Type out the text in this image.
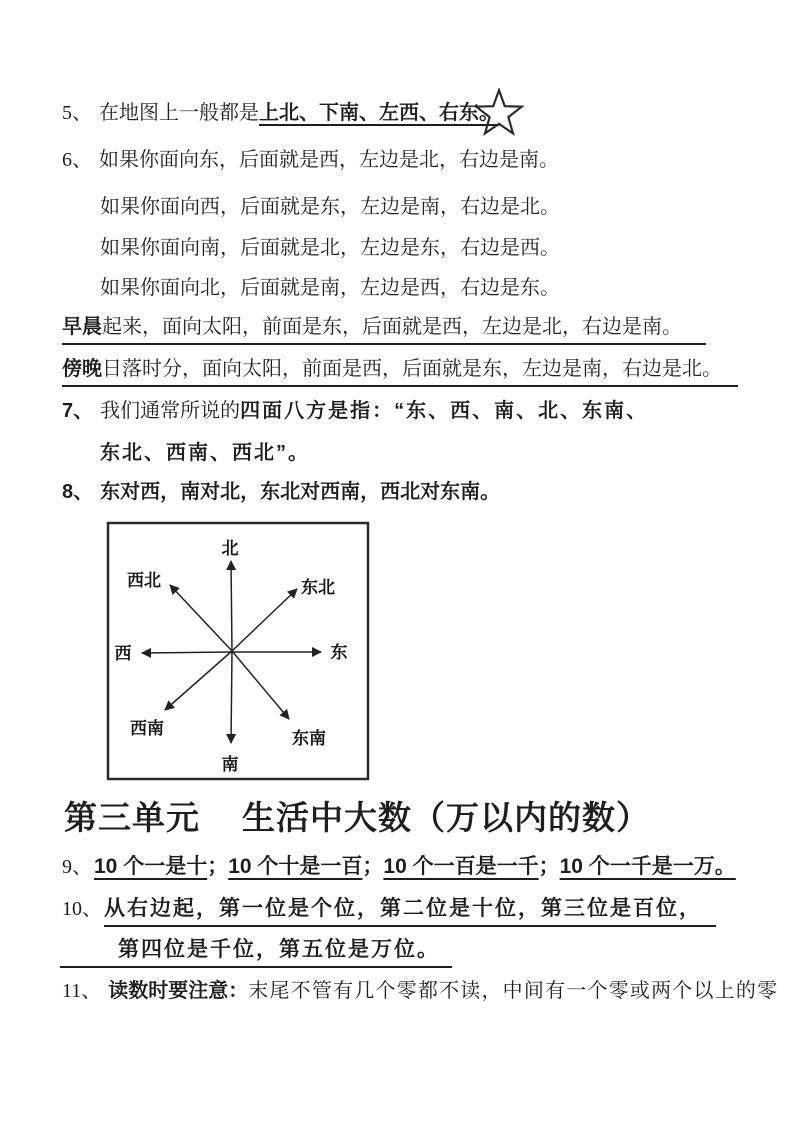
5、 在地图上一般都是上北、下南、左西、右东。
6、 如果你面向东，后面就是西，左边是北，右边是南。
如果你面向西，后面就是东，左边是南，右边是北。
如果你面向南，后面就是北，左边是东，右边是西。
如果你面向北，后面就是南，左边是西，右边是东。
早晨起来，面向太阳，前面是东，后面就是西，左边是北，右边是南。
傍晚日落时分，面向太阳，前面是西，后面就是东，左边是南，右边是北。
7、 我们通常所说的四面八方是指：“东、西、南、北、东南、
东北、西南、西北”。
8、 东对西，南对北，东北对西南，西北对东南。
北
南
西	东
西北	东北
西南
东南
第三单元 生活中大数（万以内的数）
9、10 个一是十；10 个十是一百；10 个一百是一千；10 个一千是一万。
10、从右边起，第一位是个位，第二位是十位，第三位是百位，
第四位是千位，第五位是万位。
11、 读数时要注意：末尾不管有几个零都不读，中间有一个零或两个以上的零
